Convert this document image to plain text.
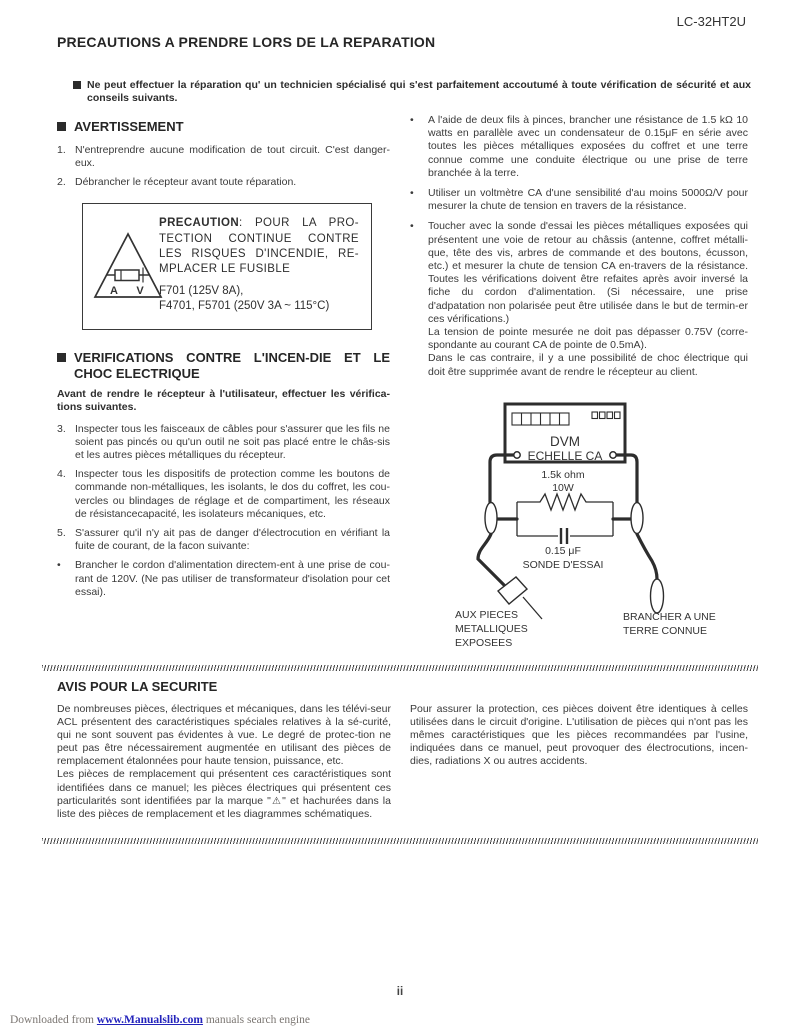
LC-32HT2U
PRECAUTIONS A PRENDRE LORS DE LA REPARATION

Ne peut effectuer la réparation qu' un technicien spécialisé qui s'est parfaitement accoutumé à toute vérification de sécurité et aux conseils suivants.

AVERTISSEMENT
1. N'entreprendre aucune modification de tout circuit. C'est danger-eux.

2. Débrancher le récepteur avant toute réparation.

A V

PRECAUTION: POUR LA PRO-TECTION CONTINUE CONTRE LES RISQUES D'INCENDIE, RE-MPLACER LE FUSIBLE

F701 (125V 8A),
F4701, F5701 (250V 3A ~ 115°C)

VERIFICATIONS CONTRE L'INCEN-DIE ET LE CHOC ELECTRIQUE

Avant de rendre le récepteur à l'utilisateur, effectuer les vérifica-tions suivantes.

3. Inspecter tous les faisceaux de câbles pour s'assurer que les fils ne soient pas pincés ou qu'un outil ne soit pas placé entre le châs-sis et les autres pièces métalliques du récepteur.

4. Inspecter tous les dispositifs de protection comme les boutons de commande non-métalliques, les isolants, le dos du coffret, les cou-vercles ou blindages de réglage et de compartiment, les réseaux de résistancecapacité, les isolateurs mécaniques, etc.

5. S'assurer qu'il n'y ait pas de danger d'électrocution en vérifiant la fuite de courant, de la facon suivante:

•	Brancher le cordon d'alimentation directem-ent à une prise de cou-rant de 120V. (Ne pas utiliser de transformateur d'isolation pour cet essai).

•	A l'aide de deux fils à pinces, brancher une résistance de 1.5 kΩ 10 watts en parallèle avec un condensateur de 0.15μF en série avec toutes les pièces métalliques exposées du coffret et une terre connue comme une conduite électrique ou une prise de terre branchée à la terre.

•	Utiliser un voltmètre CA d'une sensibilité d'au moins 5000Ω/V pour mesurer la chute de tension en travers de la résistance.

•	Toucher avec la sonde d'essai les pièces métalliques exposées qui présentent une voie de retour au châssis (antenne, coffret métalli-que, tête des vis, arbres de commande et des boutons, écusson, etc.) et mesurer la chute de tension CA en-travers de la résistance. Toutes les vérifications doivent être refaites après avoir inversé la fiche du cordon d'alimentation. (Si nécessaire, une prise d'adpatation non polarisée peut être utilisée dans le but de termin-er ces vérifications.)

La tension de pointe mesurée ne doit pas dépasser 0.75V (corre-spondante au courant CA de pointe de 0.5mA).

Dans le cas contraire, il y a une possibilité de choc électrique qui doit être supprimée avant de rendre le récepteur au client.

DVM
ECHELLE CA
1.5k ohm
10W
0.15 μF
SONDE D'ESSAI
AUX PIECES
METALLIQUES
EXPOSEES
BRANCHER A UNE
TERRE CONNUE
AVIS POUR LA SECURITE

De nombreuses pièces, électriques et mécaniques, dans les télévi-seur ACL présentent des caractéristiques spéciales relatives à la sé-curité, qui ne sont souvent pas évidentes à vue. Le degré de protec-tion ne peut pas être nécessairement augmentée en utilisant des pièces de remplacement étalonnées pour haute tension, puissance, etc.

Les pièces de remplacement qui présentent ces caractéristiques sont identifiées dans ce manuel; les pièces électriques qui présentent ces particularités sont identifiées par la marque "⚠" et hachurées dans la liste des pièces de remplacement et les diagrammes schématiques.

Pour assurer la protection, ces pièces doivent être identiques à celles utilisées dans le circuit d'origine. L'utilisation de pièces qui n'ont pas les mêmes caractéristiques que les pièces recommandées par l'usine, indiquées dans ce manuel, peut provoquer des électrocutions, incen-dies, radiations X ou autres accidents.

ii
Downloaded from www.Manualslib.com manuals search engine
